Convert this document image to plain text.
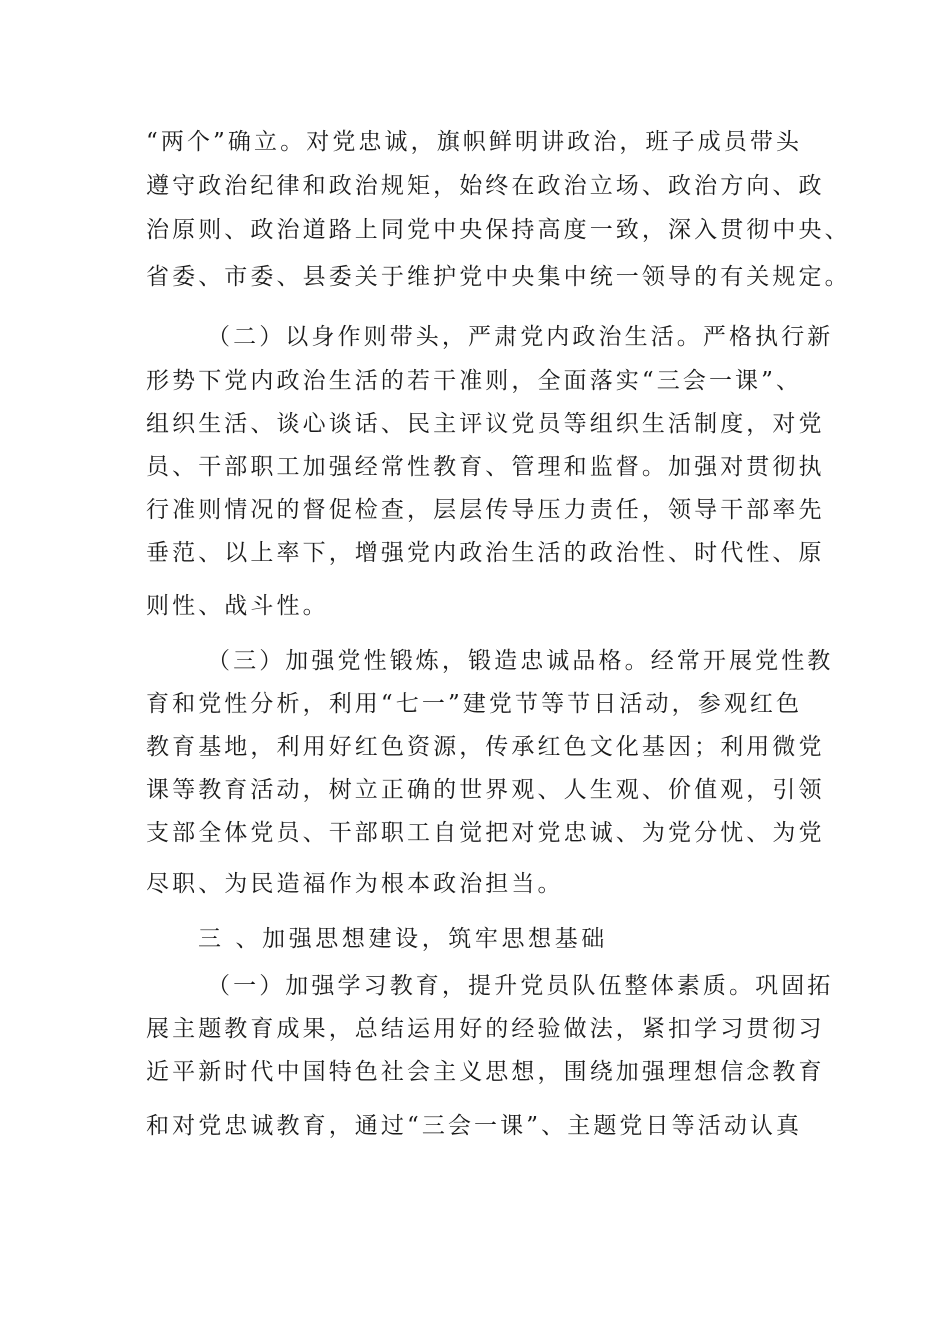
“两个”确立。对党忠诚，旗帜鲜明讲政治，班子成员带头
遵守政治纪律和政治规矩，始终在政治立场、政治方向、政
治原则、政治道路上同党中央保持高度一致，深入贯彻中央、
省委、市委、县委关于维护党中央集中统一领导的有关规定。
（二）以身作则带头，严肃党内政治生活。严格执行新
形势下党内政治生活的若干准则，全面落实“三会一课”、
组织生活、谈心谈话、民主评议党员等组织生活制度，对党
员、干部职工加强经常性教育、管理和监督。加强对贯彻执
行准则情况的督促检查，层层传导压力责任，领导干部率先
垂范、以上率下，增强党内政治生活的政治性、时代性、原
则性、战斗性。
（三）加强党性锻炼，锻造忠诚品格。经常开展党性教
育和党性分析，利用“七一”建党节等节日活动，参观红色
教育基地，利用好红色资源，传承红色文化基因；利用微党
课等教育活动，树立正确的世界观、人生观、价值观，引领
支部全体党员、干部职工自觉把对党忠诚、为党分忧、为党
尽职、为民造福作为根本政治担当。
三 、加强思想建设，筑牢思想基础
（一）加强学习教育，提升党员队伍整体素质。巩固拓
展主题教育成果，总结运用好的经验做法，紧扣学习贯彻习
近平新时代中国特色社会主义思想，围绕加强理想信念教育
和对党忠诚教育，通过“三会一课”、主题党日等活动认真
